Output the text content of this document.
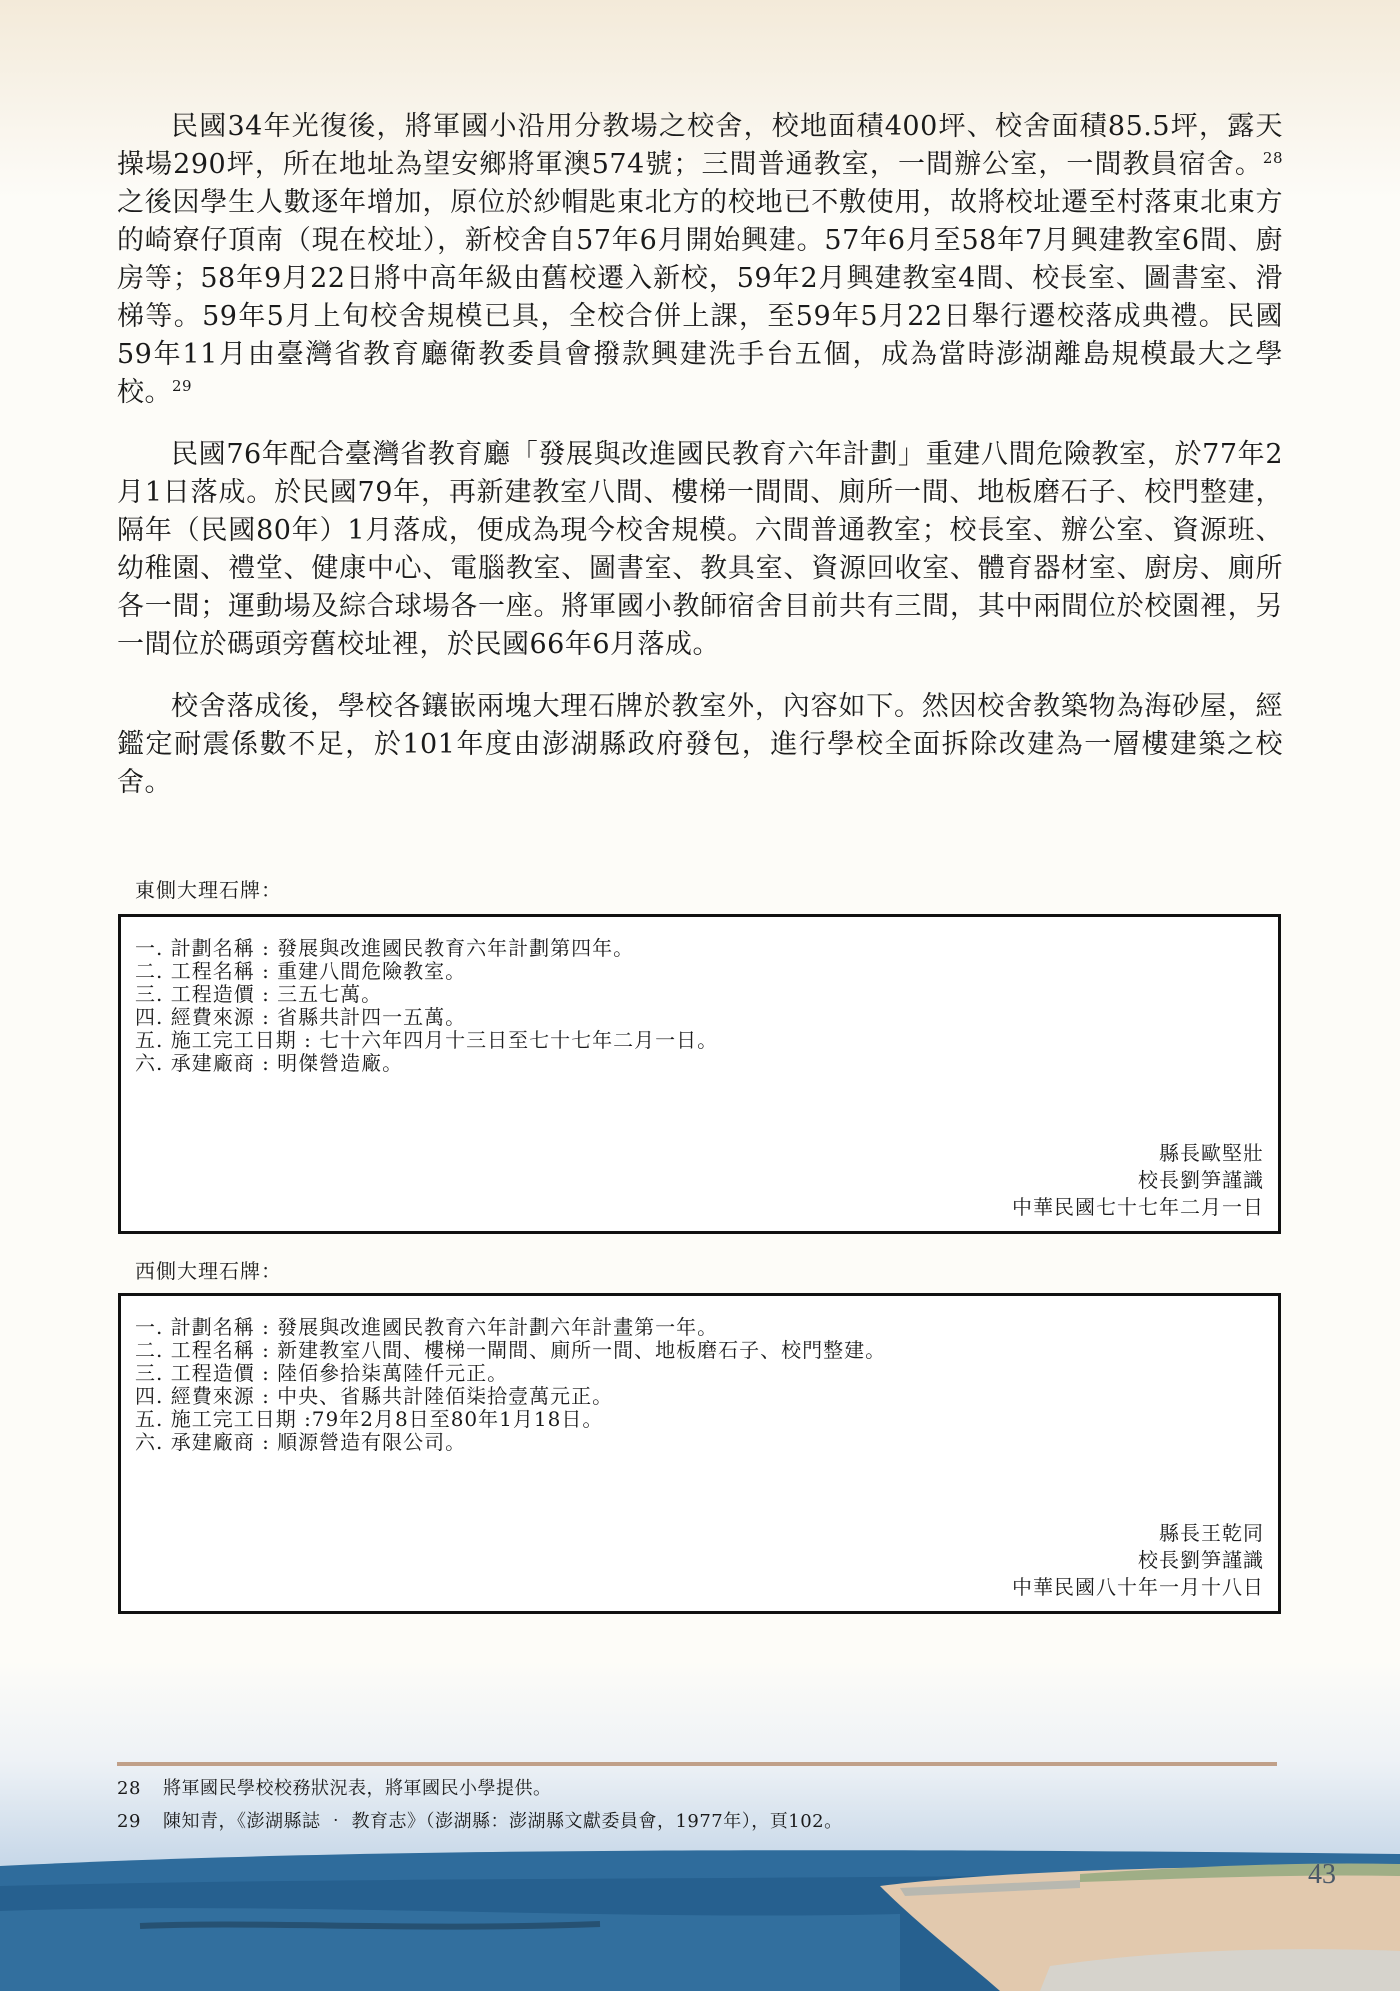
民國34年光復後，將軍國小沿用分教場之校舍，校地面積400坪、校舍面積85.5坪，露天操場290坪，所在地址為望安鄉將軍澳574號；三間普通教室，一間辦公室，一間教員宿舍。$^{28}$之後因學生人數逐年增加，原位於紗帽匙東北方的校地已不敷使用，故將校址遷至村落東北東方的崎寮仔頂南（現在校址），新校舍自57年6月開始興建。57年6月至58年7月興建教室6間、廚房等；58年9月22日將中高年級由舊校遷入新校，59年2月興建教室4間、校長室、圖書室、滑梯等。59年5月上旬校舍規模已具，全校合併上課，至59年5月22日舉行遷校落成典禮。民國59年11月由臺灣省教育廳衛教委員會撥款興建洗手台五個，成為當時澎湖離島規模最大之學校。$^{29}$

民國76年配合臺灣省教育廳「發展與改進國民教育六年計劃」重建八間危險教室，於77年2月1日落成。於民國79年，再新建教室八間、樓梯一間間、廁所一間、地板磨石子、校門整建，隔年（民國80年）1月落成，便成為現今校舍規模。六間普通教室；校長室、辦公室、資源班、幼稚園、禮堂、健康中心、電腦教室、圖書室、教具室、資源回收室、體育器材室、廚房、廁所各一間；運動場及綜合球場各一座。將軍國小教師宿舍目前共有三間，其中兩間位於校園裡，另一間位於碼頭旁舊校址裡，於民國66年6月落成。

校舍落成後，學校各鑲嵌兩塊大理石牌於教室外，內容如下。然因校舍教築物為海砂屋，經鑑定耐震係數不足，於101年度由澎湖縣政府發包，進行學校全面拆除改建為一層樓建築之校舍。

東側大理石牌：
一. 計劃名稱 : 發展與改進國民教育六年計劃第四年。
二. 工程名稱 : 重建八間危險教室。
三. 工程造價 : 三五七萬。
四. 經費來源 : 省縣共計四一五萬。
五. 施工完工日期 : 七十六年四月十三日至七十七年二月一日。
六. 承建廠商 : 明傑營造廠。
縣長歐堅壯
校長劉笋謹識
中華民國七十七年二月一日
西側大理石牌：
一. 計劃名稱 : 發展與改進國民教育六年計劃六年計畫第一年。
二. 工程名稱 : 新建教室八間、樓梯一閘間、廁所一間、地板磨石子、校門整建。
三. 工程造價 : 陸佰參拾柒萬陸仟元正。
四. 經費來源 : 中央、省縣共計陸佰柒拾壹萬元正。
五. 施工完工日期 :79年2月8日至80年1月18日。
六. 承建廠商 : 順源營造有限公司。
縣長王乾同
校長劉笋謹識
中華民國八十年一月十八日
28 將軍國民學校校務狀況表，將軍國民小學提供。
29 陳知青，《澎湖縣誌 ‧ 教育志》（澎湖縣：澎湖縣文獻委員會，1977年），頁102。
43
